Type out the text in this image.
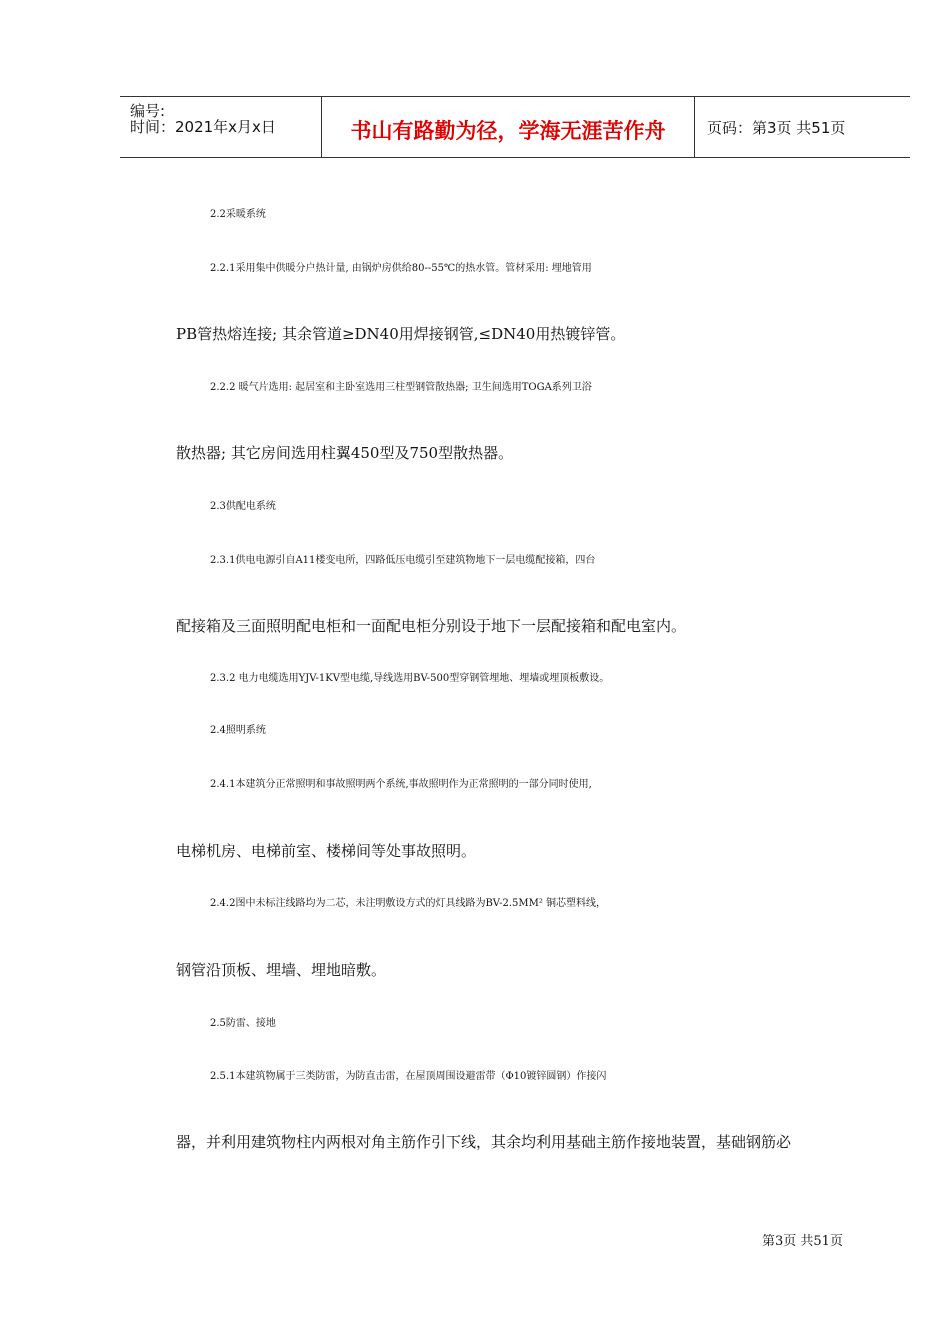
编号:
时间：2021年x月x日	书山有路勤为径，学海无涯苦作舟	页码：第3页 共51页
2.2采暖系统
2.2.1采用集中供暖分户热计量, 由锅炉房供给80--55℃的热水管。管材采用: 埋地管用
PB管热熔连接; 其余管道≥DN40用焊接钢管,≤DN40用热镀锌管。
2.2.2 暖气片选用: 起居室和主卧室选用三柱型钢管散热器; 卫生间选用TOGA系列卫浴
散热器; 其它房间选用柱翼450型及750型散热器。
2.3供配电系统
2.3.1供电电源引自A11楼变电所，四路低压电缆引至建筑物地下一层电缆配接箱，四台
配接箱及三面照明配电柜和一面配电柜分别设于地下一层配接箱和配电室内。
2.3.2 电力电缆选用YJV-1KV型电缆,导线选用BV-500型穿钢管埋地、埋墙或埋顶板敷设。
2.4照明系统
2.4.1本建筑分正常照明和事故照明两个系统,事故照明作为正常照明的一部分同时使用,
电梯机房、电梯前室、楼梯间等处事故照明。
2.4.2图中未标注线路均为二芯，未注明敷设方式的灯具线路为BV-2.5MM² 铜芯塑料线，
钢管沿顶板、埋墙、埋地暗敷。
2.5防雷、接地
2.5.1本建筑物属于三类防雷，为防直击雷，在屋顶周围设避雷带（Φ10镀锌圆钢）作接闪
器，并利用建筑物柱内两根对角主筋作引下线，其余均利用基础主筋作接地装置，基础钢筋必
第3页 共51页
